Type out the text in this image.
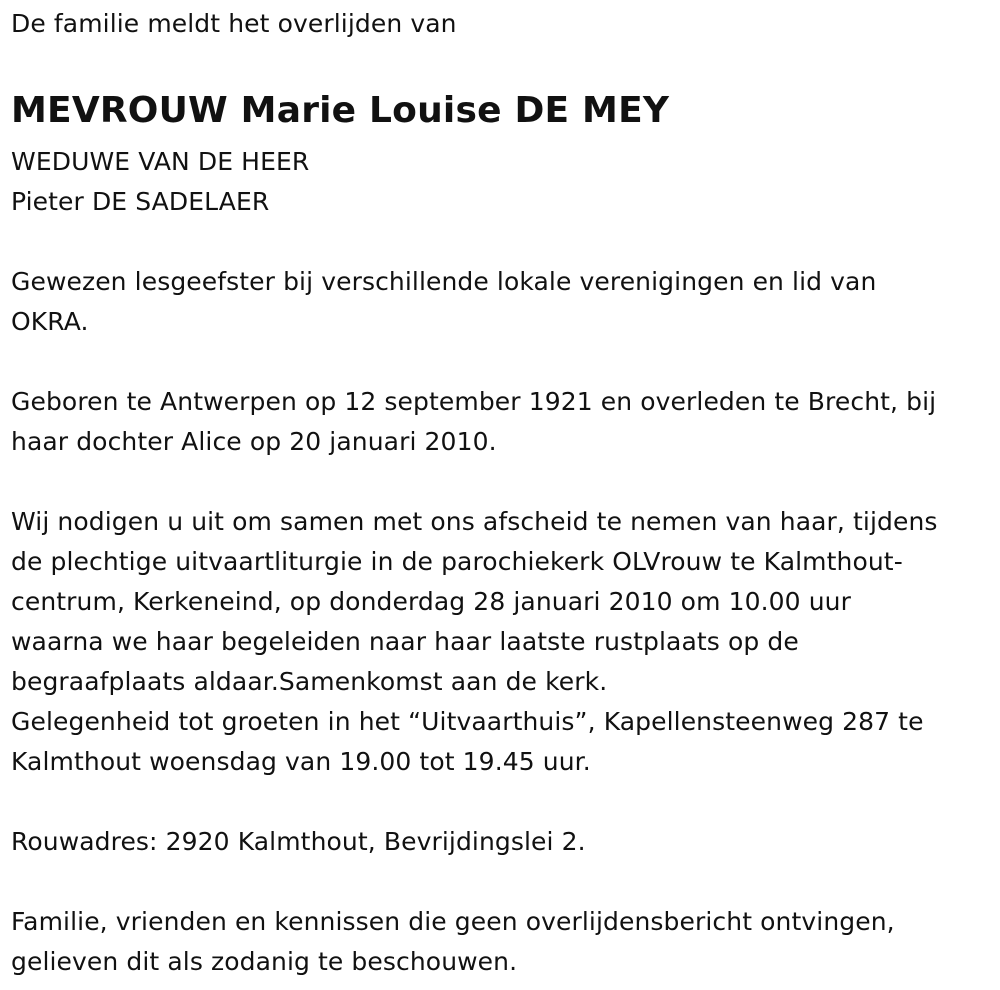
De familie meldt het overlijden van
MEVROUW Marie Louise DE MEY
WEDUWE VAN DE HEER
Pieter DE SADELAER
Gewezen lesgeefster bij verschillende lokale verenigingen en lid van
OKRA.
Geboren te Antwerpen op 12 september 1921 en overleden te Brecht, bij
haar dochter Alice op 20 januari 2010.
Wij nodigen u uit om samen met ons afscheid te nemen van haar, tijdens
de plechtige uitvaartliturgie in de parochiekerk OLVrouw te Kalmthout-
centrum, Kerkeneind, op donderdag 28 januari 2010 om 10.00 uur
waarna we haar begeleiden naar haar laatste rustplaats op de
begraafplaats aldaar.Samenkomst aan de kerk.
Gelegenheid tot groeten in het “Uitvaarthuis”, Kapellensteenweg 287 te
Kalmthout woensdag van 19.00 tot 19.45 uur.
Rouwadres: 2920 Kalmthout, Bevrijdingslei 2.
Familie, vrienden en kennissen die geen overlijdensbericht ontvingen,
gelieven dit als zodanig te beschouwen.
